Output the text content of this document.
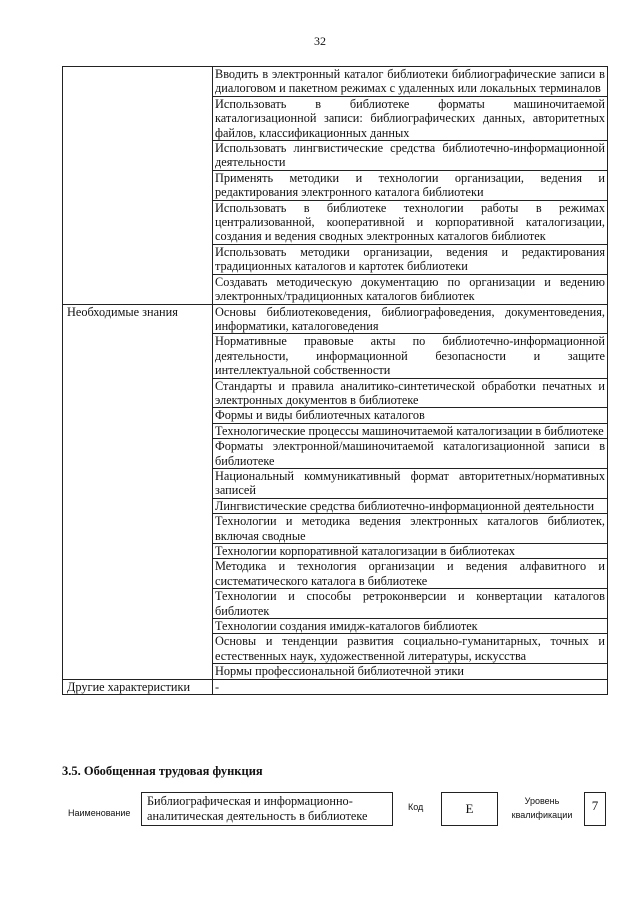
32
	Вводить в электронный каталог библиотеки библиографические записи в диалоговом и пакетном режимах с удаленных или локальных терминалов
	Использовать в библиотеке форматы машиночитаемой каталогизационной записи: библиографических данных, авторитетных файлов, классификационных данных
	Использовать лингвистические средства библиотечно-информационной деятельности
	Применять методики и технологии организации, ведения и редактирования электронного каталога библиотеки
	Использовать в библиотеке технологии работы в режимах централизованной, кооперативной и корпоративной каталогизации, создания и ведения сводных электронных каталогов библиотек
	Использовать методики организации, ведения и редактирования традиционных каталогов и картотек библиотеки
	Создавать методическую документацию по организации и ведению электронных/традиционных каталогов библиотек
Необходимые знания	Основы библиотековедения, библиографоведения, документоведения, информатики, каталоговедения
	Нормативные правовые акты по библиотечно-информационной деятельности, информационной безопасности и защите интеллектуальной собственности
	Стандарты и правила аналитико-синтетической обработки печатных и электронных документов в библиотеке
	Формы и виды библиотечных каталогов
	Технологические процессы машиночитаемой каталогизации в библиотеке
	Форматы электронной/машиночитаемой каталогизационной записи в библиотеке
	Национальный коммуникативный формат авторитетных/нормативных записей
	Лингвистические средства библиотечно-информационной деятельности
	Технологии и методика ведения электронных каталогов библиотек, включая сводные
	Технологии корпоративной каталогизации в библиотеках
	Методика и технология организации и ведения алфавитного и систематического каталога в библиотеке
	Технологии и способы ретроконверсии и конвертации каталогов библиотек
	Технологии создания имидж-каталогов библиотек
	Основы и тенденции развития социально-гуманитарных, точных и естественных наук, художественной литературы, искусства
	Нормы профессиональной библиотечной этики
Другие характеристики	-
3.5. Обобщенная трудовая функция
Наименование
Библиографическая и информационно-аналитическая деятельность в библиотеке
Код	E	Уровень квалификации
7
